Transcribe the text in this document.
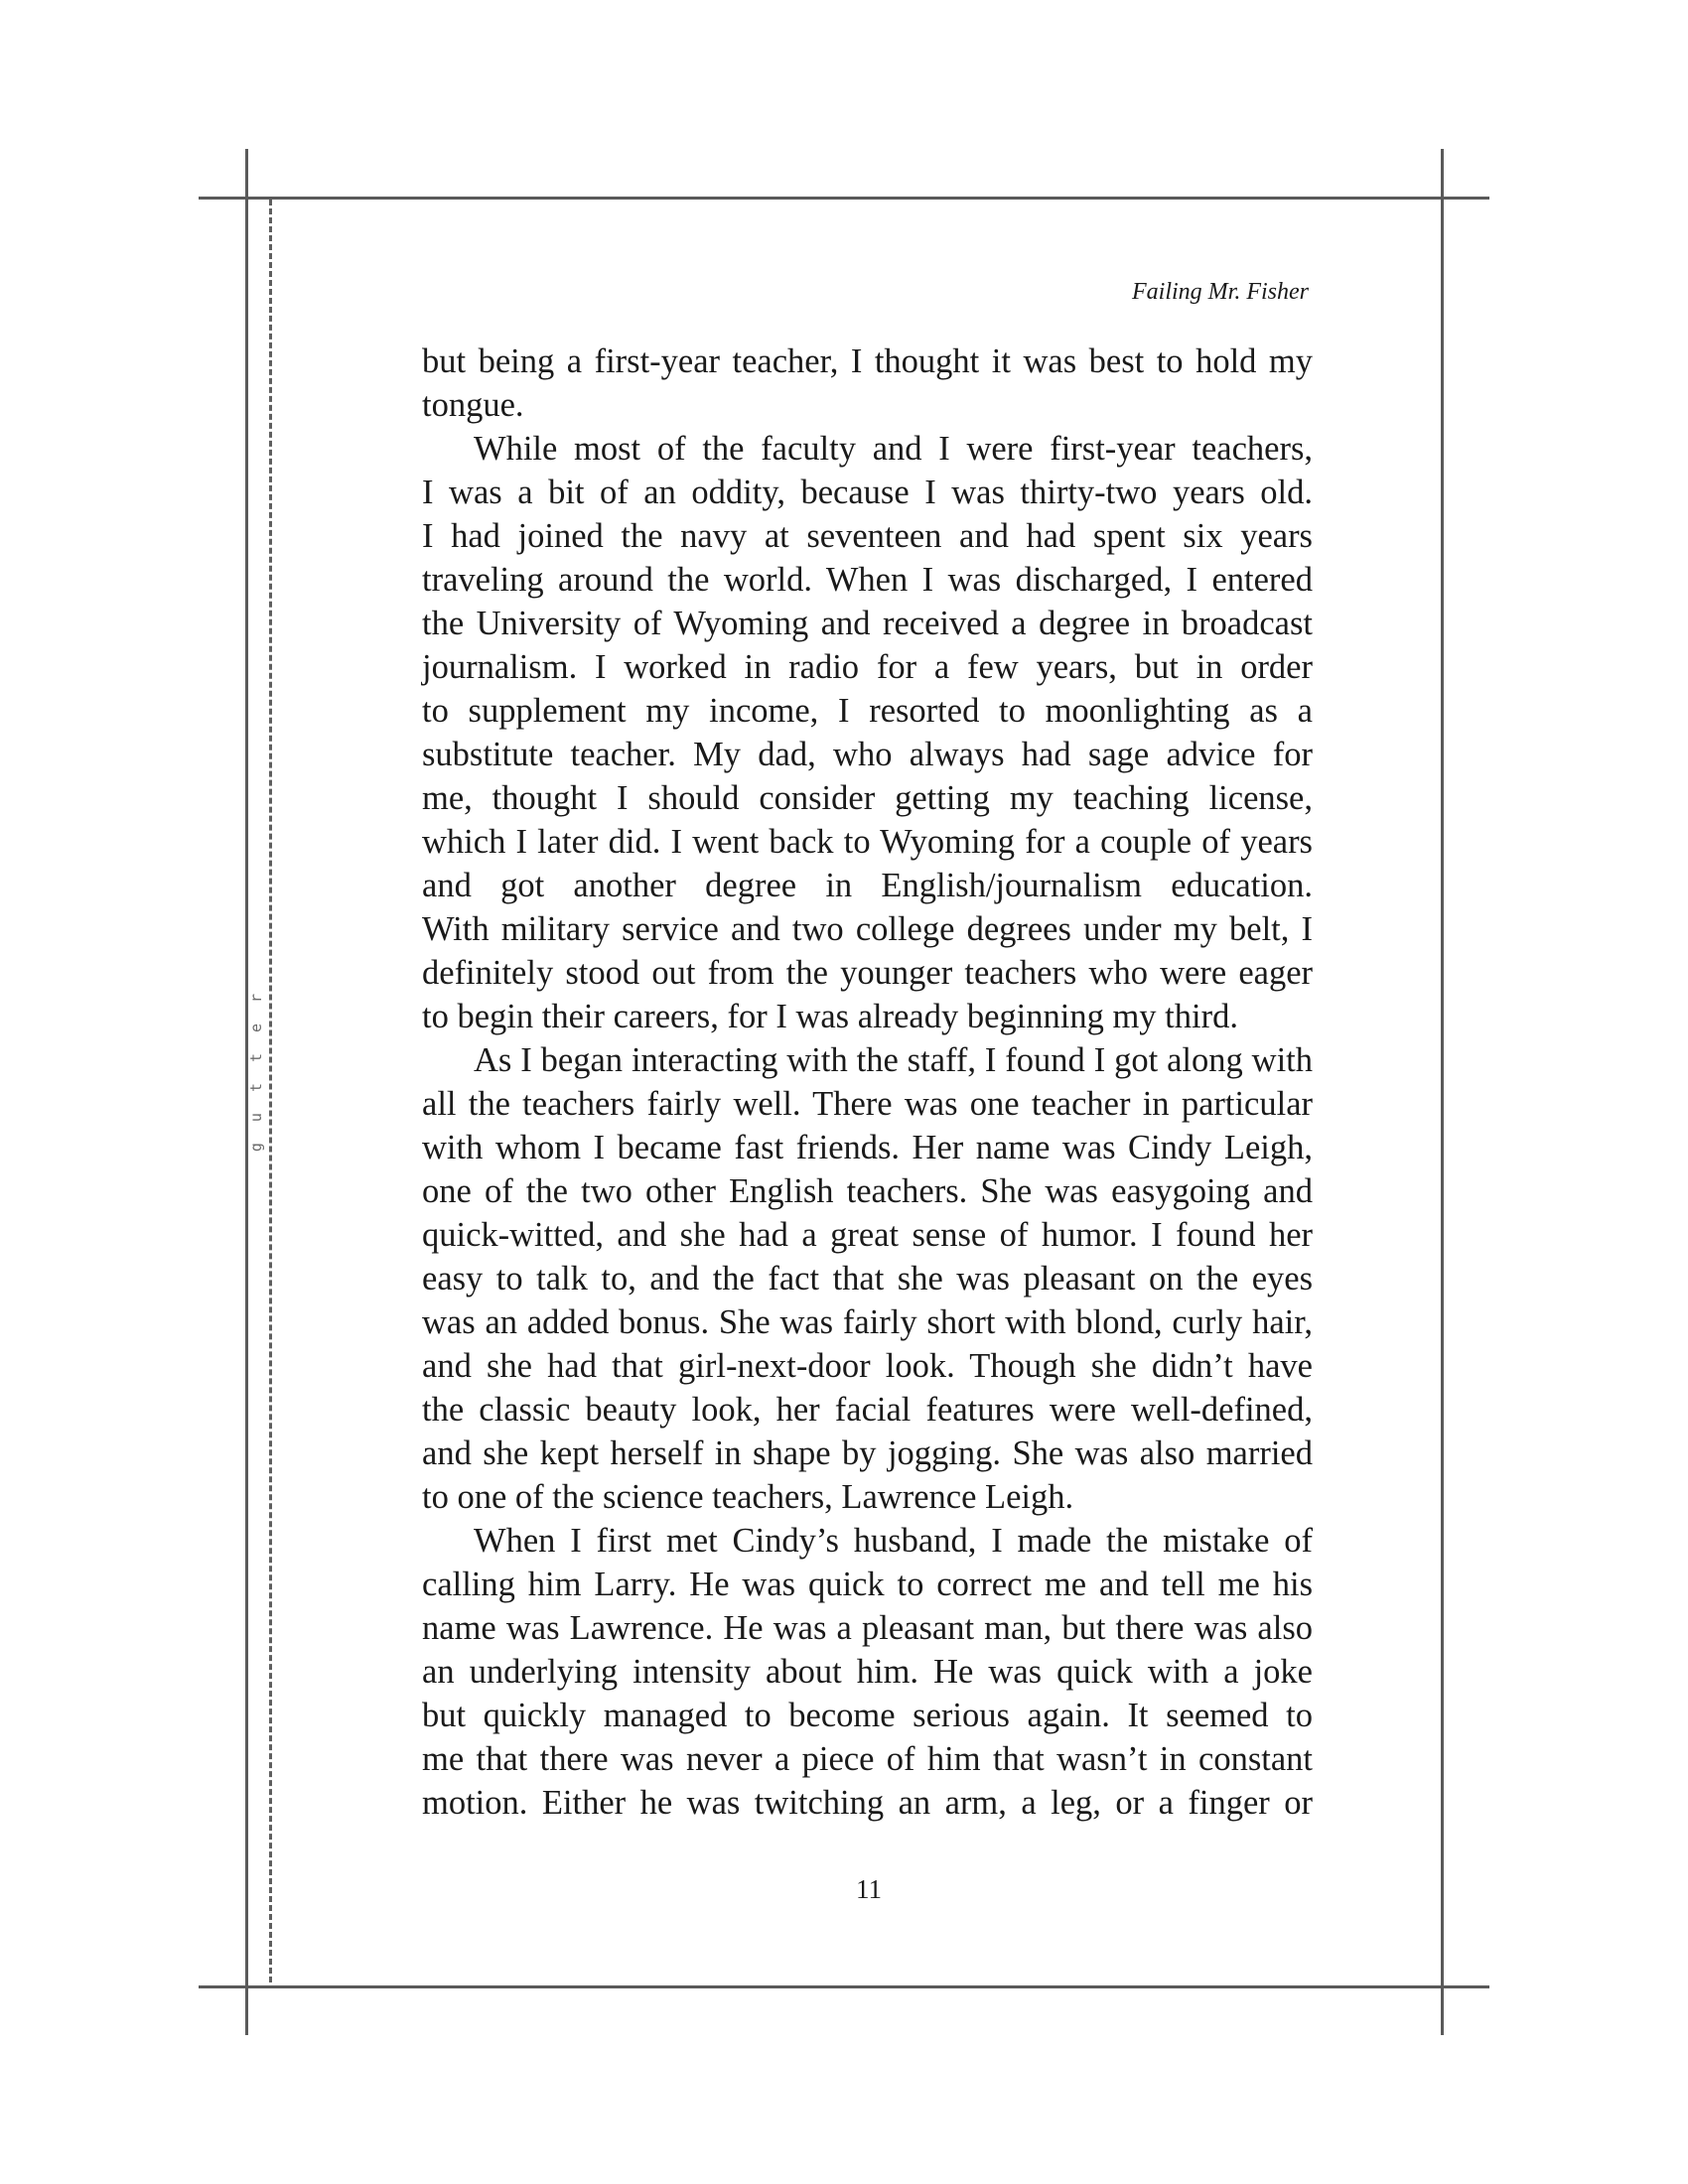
gutter
Failing Mr. Fisher
but being a first-year teacher, I thought it was best to hold my
tongue.
While most of the faculty and I were first-year teachers,
I was a bit of an oddity, because I was thirty-two years old.
I had joined the navy at seventeen and had spent six years
traveling around the world. When I was discharged, I entered
the University of Wyoming and received a degree in broadcast
journalism. I worked in radio for a few years, but in order
to supplement my income, I resorted to moonlighting as a
substitute teacher. My dad, who always had sage advice for
me, thought I should consider getting my teaching license,
which I later did. I went back to Wyoming for a couple of years
and got another degree in English/journalism education.
With military service and two college degrees under my belt, I
definitely stood out from the younger teachers who were eager
to begin their careers, for I was already beginning my third.
As I began interacting with the staff, I found I got along with
all the teachers fairly well. There was one teacher in particular
with whom I became fast friends. Her name was Cindy Leigh,
one of the two other English teachers. She was easygoing and
quick-witted, and she had a great sense of humor. I found her
easy to talk to, and the fact that she was pleasant on the eyes
was an added bonus. She was fairly short with blond, curly hair,
and she had that girl-next-door look. Though she didn’t have
the classic beauty look, her facial features were well-defined,
and she kept herself in shape by jogging. She was also married
to one of the science teachers, Lawrence Leigh.
When I first met Cindy’s husband, I made the mistake of
calling him Larry. He was quick to correct me and tell me his
name was Lawrence. He was a pleasant man, but there was also
an underlying intensity about him. He was quick with a joke
but quickly managed to become serious again. It seemed to
me that there was never a piece of him that wasn’t in constant
motion. Either he was twitching an arm, a leg, or a finger or
11
